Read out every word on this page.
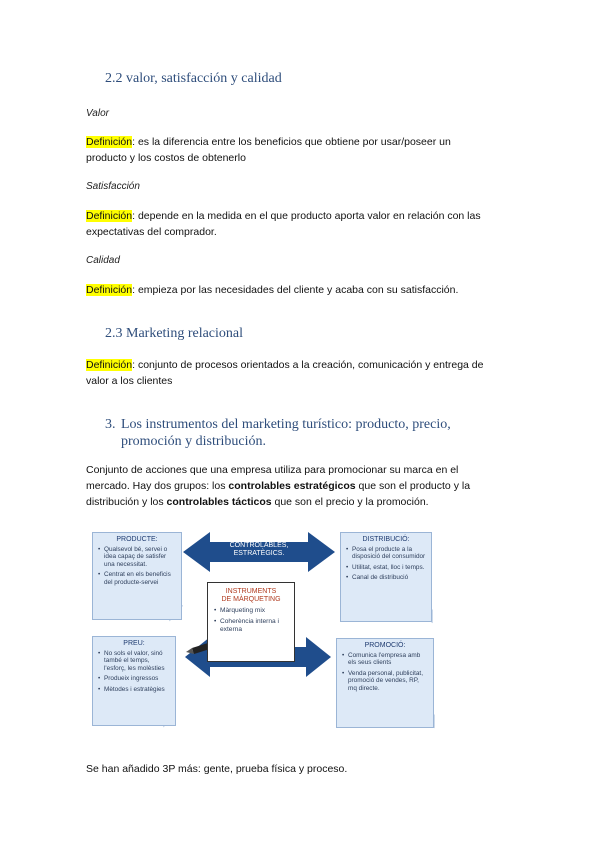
2.2 valor, satisfacción y calidad
Valor
Definición: es la diferencia entre los beneficios que obtiene por usar/poseer un
producto y los costos de obtenerlo
Satisfacción
Definición: depende en la medida en el que producto aporta valor en relación con las
expectativas del comprador.
Calidad
Definición: empieza por las necesidades del cliente y acaba con su satisfacción.
2.3 Marketing relacional
Definición: conjunto de procesos orientados a la creación, comunicación y entrega de
valor a los clientes
3. Los instrumentos del marketing turístico: producto, precio,
promoción y distribución.
Conjunto de acciones que una empresa utiliza para promocionar su marca en el
mercado. Hay dos grupos: los controlables estratégicos que son el producto y la
distribución y los controlables tácticos que son el precio y la promoción.
CONTROLABLES,
ESTRATÈGICS.

PRODUCTE:
• Qualsevol bé, servei o idea capaç de satisfer una necessitat.
• Centrat en els beneficis del producte-servei
DISTRIBUCIÓ:
• Posa el producte a la disposició del consumidor
• Utilitat, estat, lloc i temps.
• Canal de distribució
INSTRUMENTS
DE MÀRQUETING
• Màrqueting mix
• Coherència interna i externa
PREU:
• No sols el valor, sinó també el temps, l'esforç, les molèsties
• Produeix ingressos
• Mètodes i estratègies
PROMOCIÓ:
• Comunica l'empresa amb els seus clients
• Venda personal, publicitat, promoció de vendes, RP, mq directe.
Se han añadido 3P más: gente, prueba física y proceso.
